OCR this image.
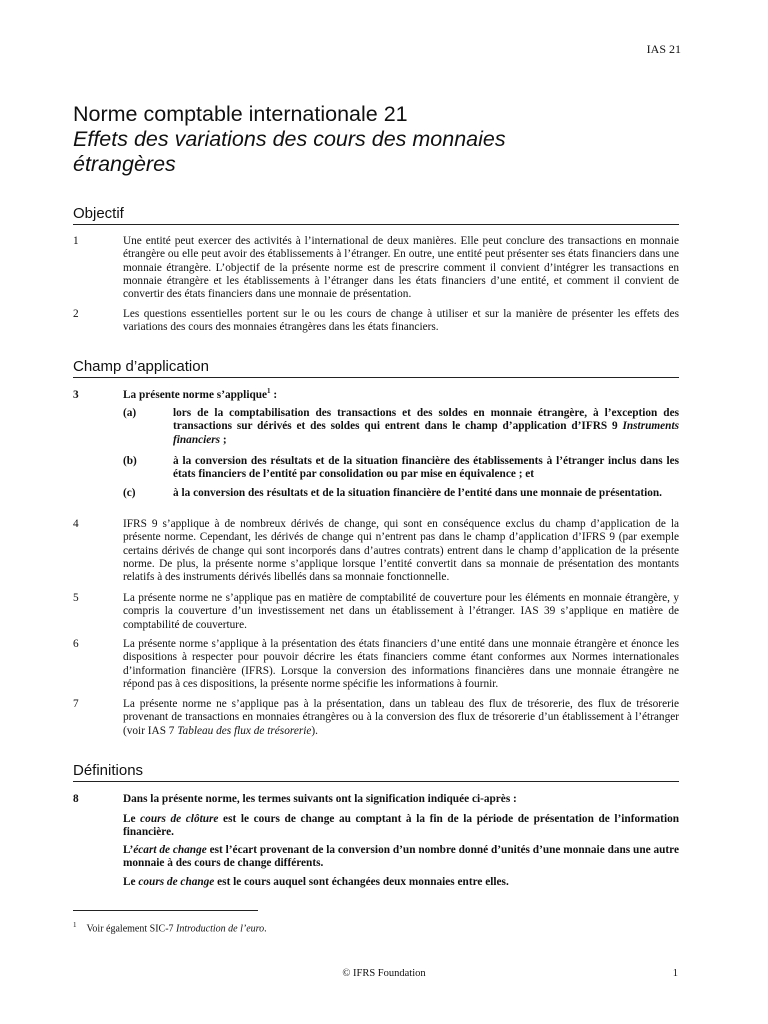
IAS 21
Norme comptable internationale 21
Effets des variations des cours des monnaies
étrangères
Objectif
1	Une entité peut exercer des activités à l’international de deux manières. Elle peut conclure des transactions en monnaie étrangère ou elle peut avoir des établissements à l’étranger. En outre, une entité peut présenter ses états financiers dans une monnaie étrangère. L’objectif de la présente norme est de prescrire comment il convient d’intégrer les transactions en monnaie étrangère et les établissements à l’étranger dans les états financiers d’une entité, et comment il convient de convertir des états financiers dans une monnaie de présentation.
2	Les questions essentielles portent sur le ou les cours de change à utiliser et sur la manière de présenter les effets des variations des cours des monnaies étrangères dans les états financiers.
Champ d’application
3	La présente norme s’applique$^1$ :
(a)	lors de la comptabilisation des transactions et des soldes en monnaie étrangère, à l’exception des transactions sur dérivés et des soldes qui entrent dans le champ d’application d’IFRS 9 Instruments financiers ;
(b)	à la conversion des résultats et de la situation financière des établissements à l’étranger inclus dans les états financiers de l’entité par consolidation ou par mise en équivalence ; et
(c)	à la conversion des résultats et de la situation financière de l’entité dans une monnaie de présentation.
4	IFRS 9 s’applique à de nombreux dérivés de change, qui sont en conséquence exclus du champ d’application de la présente norme. Cependant, les dérivés de change qui n’entrent pas dans le champ d’application d’IFRS 9 (par exemple certains dérivés de change qui sont incorporés dans d’autres contrats) entrent dans le champ d’application de la présente norme. De plus, la présente norme s’applique lorsque l’entité convertit dans sa monnaie de présentation des montants relatifs à des instruments dérivés libellés dans sa monnaie fonctionnelle.
5	La présente norme ne s’applique pas en matière de comptabilité de couverture pour les éléments en monnaie étrangère, y compris la couverture d’un investissement net dans un établissement à l’étranger. IAS 39 s’applique en matière de comptabilité de couverture.
6	La présente norme s’applique à la présentation des états financiers d’une entité dans une monnaie étrangère et énonce les dispositions à respecter pour pouvoir décrire les états financiers comme étant conformes aux Normes internationales d’information financière (IFRS). Lorsque la conversion des informations financières dans une monnaie étrangère ne répond pas à ces dispositions, la présente norme spécifie les informations à fournir.
7	La présente norme ne s’applique pas à la présentation, dans un tableau des flux de trésorerie, des flux de trésorerie provenant de transactions en monnaies étrangères ou à la conversion des flux de trésorerie d’un établissement à l’étranger (voir IAS 7 Tableau des flux de trésorerie).
Définitions
8	Dans la présente norme, les termes suivants ont la signification indiquée ci-après :
Le cours de clôture est le cours de change au comptant à la fin de la période de présentation de l’information financière.
L’écart de change est l’écart provenant de la conversion d’un nombre donné d’unités d’une monnaie dans une autre monnaie à des cours de change différents.
Le cours de change est le cours auquel sont échangées deux monnaies entre elles.
$^1$ Voir également SIC-7 Introduction de l’euro.
© IFRS Foundation	1
